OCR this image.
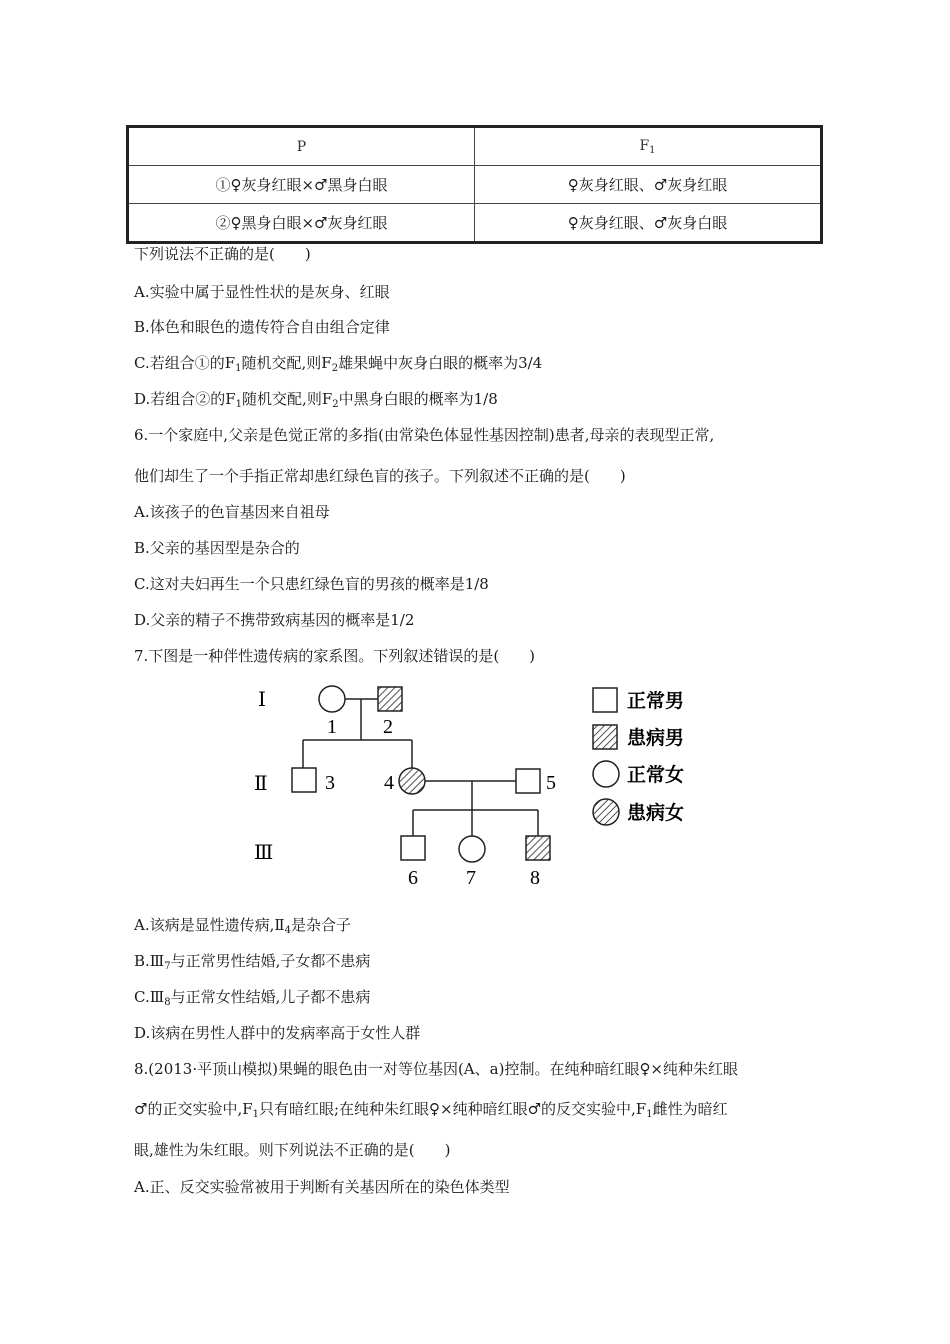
P	$F_1$
①♀灰身红眼×♂黑身白眼	♀灰身红眼、♂灰身红眼
②♀黑身白眼×♂灰身红眼	♀灰身红眼、♂灰身白眼
下列说法不正确的是(　　)
A.实验中属于显性性状的是灰身、红眼
B.体色和眼色的遗传符合自由组合定律
C.若组合①的$F_1$随机交配,则$F_2$雄果蝇中灰身白眼的概率为3/4
D.若组合②的$F_1$随机交配,则$F_2$中黑身白眼的概率为1/8
6.一个家庭中,父亲是色觉正常的多指(由常染色体显性基因控制)患者,母亲的表现型正常,
他们却生了一个手指正常却患红绿色盲的孩子。下列叙述不正确的是(　　)
A.该孩子的色盲基因来自祖母
B.父亲的基因型是杂合的
C.这对夫妇再生一个只患红绿色盲的男孩的概率是1/8
D.父亲的精子不携带致病基因的概率是1/2
7.下图是一种伴性遗传病的家系图。下列叙述错误的是(　　)
Ⅰ
Ⅱ
Ⅲ
1 2
3 4	5
6 7	8
正常男
患病男
正常女
患病女
A.该病是显性遗传病$,Ⅱ_4$是杂合子
$B.Ⅲ_7$与正常男性结婚,子女都不患病
$C.Ⅲ_8$与正常女性结婚,儿子都不患病
D.该病在男性人群中的发病率高于女性人群
8.(2013·平顶山模拟)果蝇的眼色由一对等位基因(A、a)控制。在纯种暗红眼♀×纯种朱红眼
♂的正交实验中$,F_1$只有暗红眼;在纯种朱红眼♀×纯种暗红眼♂的反交实验中$,F_1$雌性为暗红
眼,雄性为朱红眼。则下列说法不正确的是(　　)
A.正、反交实验常被用于判断有关基因所在的染色体类型
